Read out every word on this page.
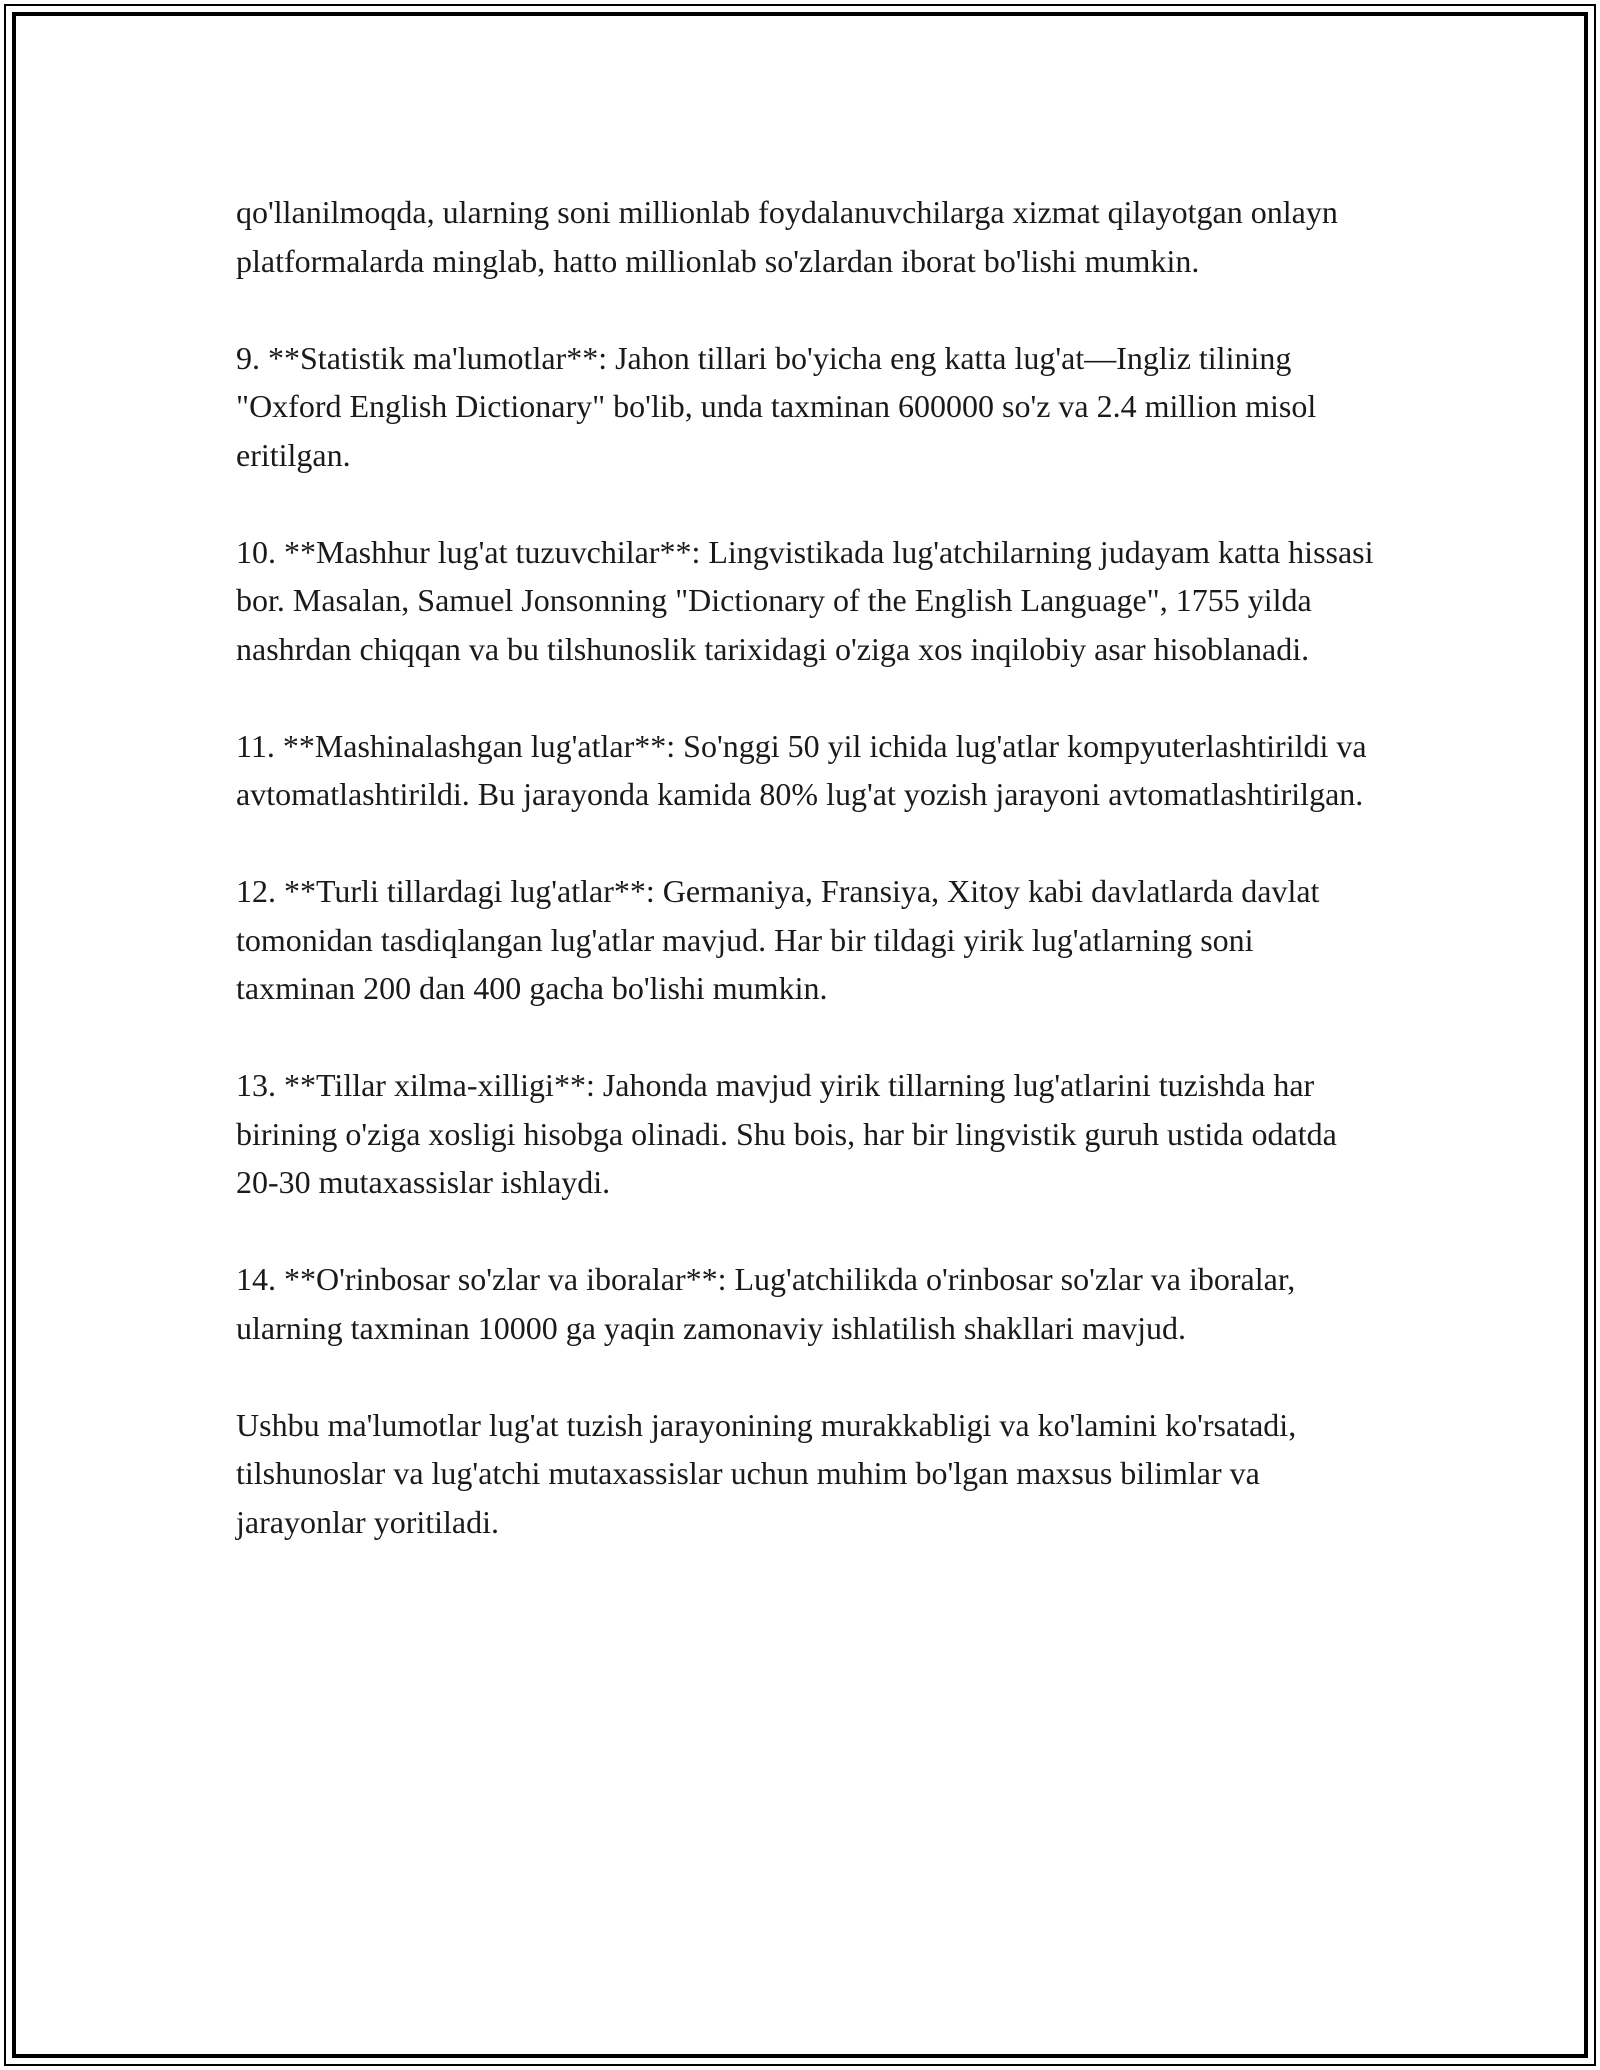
qo'llanilmoqda, ularning soni millionlab foydalanuvchilarga xizmat qilayotgan onlayn platformalarda minglab, hatto millionlab so'zlardan iborat bo'lishi mumkin.

9. **Statistik ma'lumotlar**: Jahon tillari bo'yicha eng katta lug'at—Ingliz tilining "Oxford English Dictionary" bo'lib, unda taxminan 600000 so'z va 2.4 million misol eritilgan.

10. **Mashhur lug'at tuzuvchilar**: Lingvistikada lug'atchilarning judayam katta hissasi bor. Masalan, Samuel Jonsonning "Dictionary of the English Language", 1755 yilda nashrdan chiqqan va bu tilshunoslik tarixidagi o'ziga xos inqilobiy asar hisoblanadi.

11. **Mashinalashgan lug'atlar**: So'nggi 50 yil ichida lug'atlar kompyuterlashtirildi va avtomatlashtirildi. Bu jarayonda kamida 80% lug'at yozish jarayoni avtomatlashtirilgan.

12. **Turli tillardagi lug'atlar**: Germaniya, Fransiya, Xitoy kabi davlatlarda davlat tomonidan tasdiqlangan lug'atlar mavjud. Har bir tildagi yirik lug'atlarning soni taxminan 200 dan 400 gacha bo'lishi mumkin.

13. **Tillar xilma-xilligi**: Jahonda mavjud yirik tillarning lug'atlarini tuzishda har birining o'ziga xosligi hisobga olinadi. Shu bois, har bir lingvistik guruh ustida odatda 20-30 mutaxassislar ishlaydi.

14. **O'rinbosar so'zlar va iboralar**: Lug'atchilikda o'rinbosar so'zlar va iboralar, ularning taxminan 10000 ga yaqin zamonaviy ishlatilish shakllari mavjud.

Ushbu ma'lumotlar lug'at tuzish jarayonining murakkabligi va ko'lamini ko'rsatadi, tilshunoslar va lug'atchi mutaxassislar uchun muhim bo'lgan maxsus bilimlar va jarayonlar yoritiladi.
